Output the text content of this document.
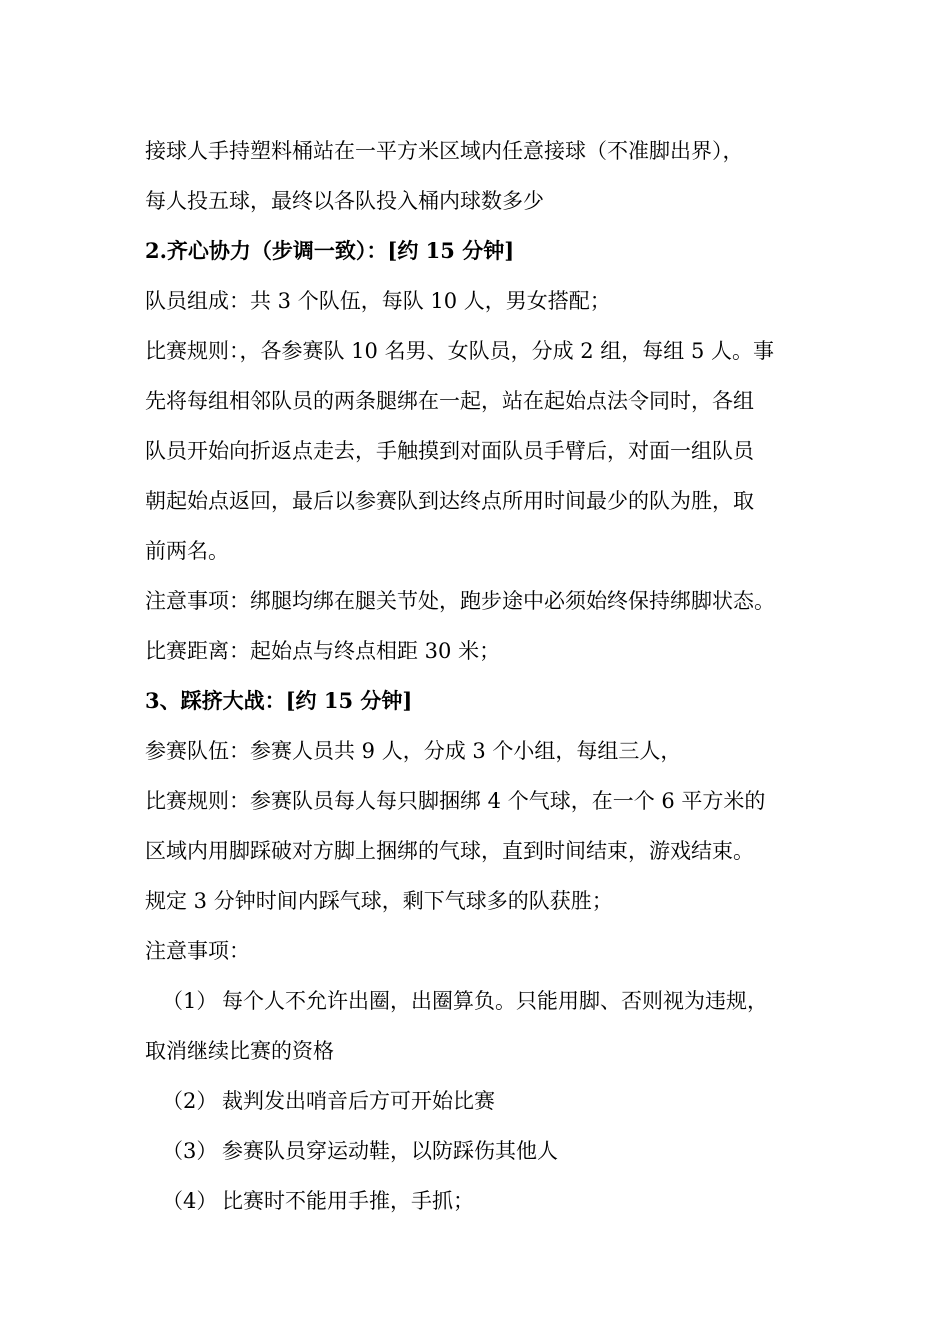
接球人手持塑料桶站在一平方米区域内任意接球（不准脚出界），
每人投五球，最终以各队投入桶内球数多少
2.齐心协力（步调一致）：[约 15 分钟]
队员组成：共 3 个队伍，每队 10 人，男女搭配；
比赛规则：，各参赛队 10 名男、女队员，分成 2 组，每组 5 人。事
先将每组相邻队员的两条腿绑在一起，站在起始点法令同时，各组
队员开始向折返点走去，手触摸到对面队员手臂后，对面一组队员
朝起始点返回，最后以参赛队到达终点所用时间最少的队为胜，取
前两名。
注意事项：绑腿均绑在腿关节处，跑步途中必须始终保持绑脚状态。
比赛距离：起始点与终点相距 30 米；
3、踩挤大战：[约 15 分钟]
参赛队伍：参赛人员共 9 人，分成 3 个小组，每组三人，
比赛规则：参赛队员每人每只脚捆绑 4 个气球，在一个 6 平方米的
区域内用脚踩破对方脚上捆绑的气球，直到时间结束，游戏结束。
规定 3 分钟时间内踩气球，剩下气球多的队获胜；
注意事项：
（1） 每个人不允许出圈，出圈算负。只能用脚、否则视为违规，
取消继续比赛的资格
（2） 裁判发出哨音后方可开始比赛
（3） 参赛队员穿运动鞋，以防踩伤其他人
（4） 比赛时不能用手推，手抓；
